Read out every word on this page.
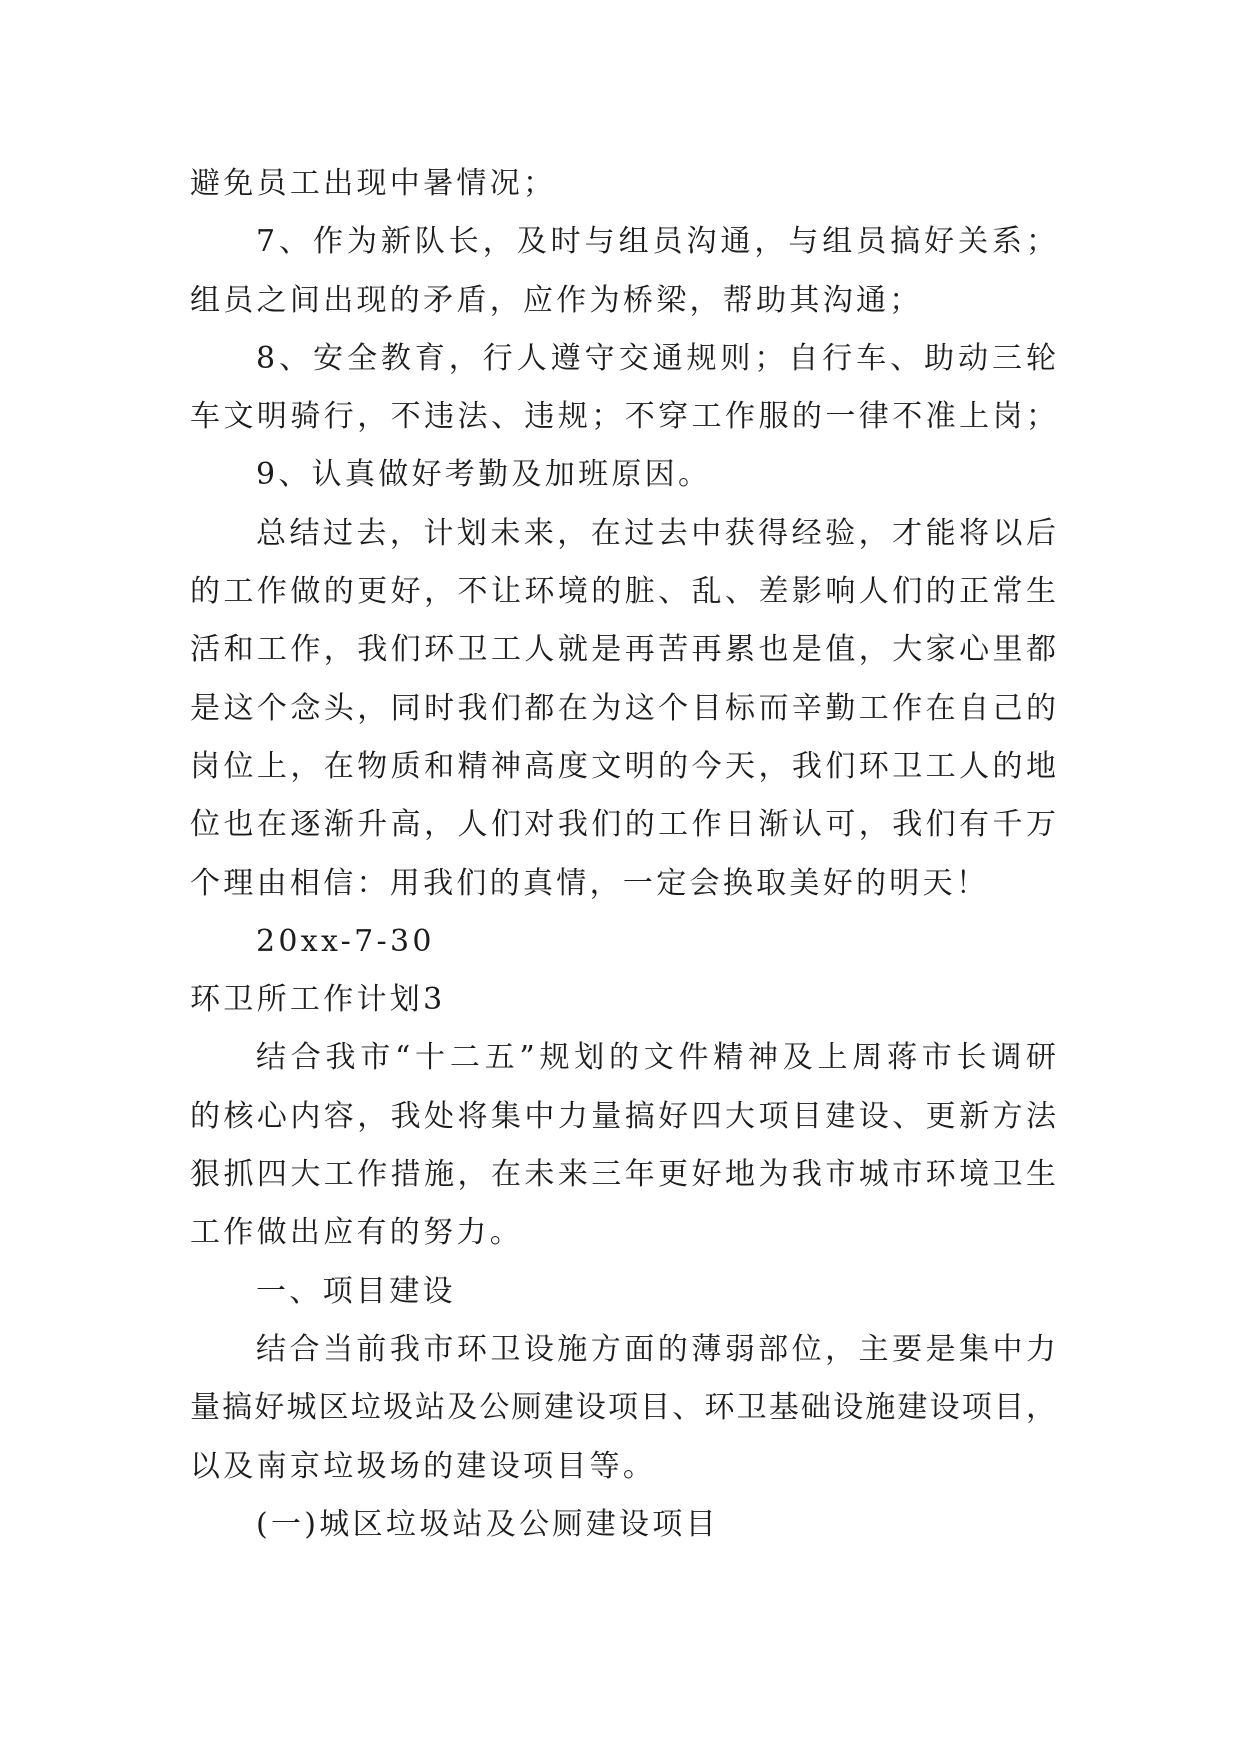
避免员工出现中暑情况；
7、作为新队长，及时与组员沟通，与组员搞好关系；
组员之间出现的矛盾，应作为桥梁，帮助其沟通；
8、安全教育，行人遵守交通规则；自行车、助动三轮
车文明骑行，不违法、违规；不穿工作服的一律不准上岗；
9、认真做好考勤及加班原因。
总结过去，计划未来，在过去中获得经验，才能将以后
的工作做的更好，不让环境的脏、乱、差影响人们的正常生
活和工作，我们环卫工人就是再苦再累也是值，大家心里都
是这个念头，同时我们都在为这个目标而辛勤工作在自己的
岗位上，在物质和精神高度文明的今天，我们环卫工人的地
位也在逐渐升高，人们对我们的工作日渐认可，我们有千万
个理由相信：用我们的真情，一定会换取美好的明天！
20xx-7-30
环卫所工作计划3
结合我市“十二五”规划的文件精神及上周蒋市长调研
的核心内容，我处将集中力量搞好四大项目建设、更新方法
狠抓四大工作措施，在未来三年更好地为我市城市环境卫生
工作做出应有的努力。
一、项目建设
结合当前我市环卫设施方面的薄弱部位，主要是集中力
量搞好城区垃圾站及公厕建设项目、环卫基础设施建设项目，
以及南京垃圾场的建设项目等。
(一)城区垃圾站及公厕建设项目
